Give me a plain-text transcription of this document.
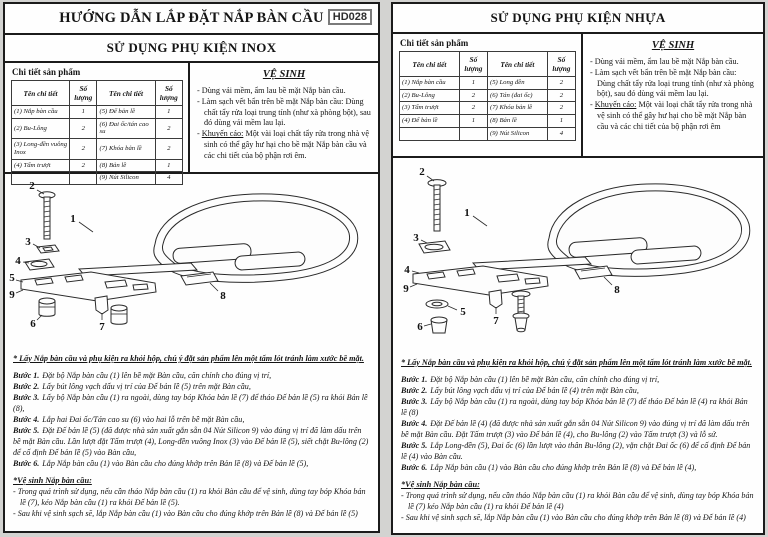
HƯỚNG DẪN LẮP ĐẶT NẮP BÀN CẦU HD028
SỬ DỤNG PHỤ KIỆN INOX
Chi tiết sản phẩm
Tên chi tiết	Số lượng	Tên chi tiết	Số lượng
(1) Nắp bàn cầu	1	(5) Đế bản lề	1
(2) Bu-Lông	2	(6) Đai ốc/tán cao su	2
(3) Long-đền vuông Inox	2	(7) Khóa bản lề	2
(4) Tấm trượt	2	(8) Bản lề	1
		(9) Nút Silicon	4
VỆ SINH
- Dùng vải mềm, ẩm lau bề mặt Nắp bàn cầu.
- Làm sạch vết bẩn trên bề mặt Nắp bàn cầu: Dùng chất tẩy rửa loại trung tính (như xà phòng bột), sau đó dùng vải mềm lau lại.
- Khuyến cáo: Một vài loại chất tẩy rửa trong nhà vệ sinh có thể gây hư hại cho bề mặt Nắp bàn cầu và các chi tiết của bộ phận rơi êm.
1
2
3
4
5
6	7
8
9
* Lấy Nắp bàn cầu và phụ kiện ra khỏi hộp, chú ý đặt sản phẩm lên một tấm lót tránh làm xước bề mặt.
Bước 1. Đặt bộ Nắp bàn cầu (1) lên bề mặt Bàn cầu, căn chỉnh cho đúng vị trí,
Bước 2. Lấy bút lông vạch dấu vị trí của Đế bản lề (5) trên mặt Bàn cầu,
Bước 3. Lấy bộ Nắp bàn cầu (1) ra ngoài, dùng tay bóp Khóa bản lề (7) để tháo Đế bản lề (5) ra khỏi Bản lề (8),
Bước 4. Lắp hai Đai ốc/Tán cao su (6) vào hai lỗ trên bề mặt Bàn cầu,
Bước 5. Đặt Đế bản lề (5) (đã được nhà sản xuất gắn sẵn 04 Nút Silicon 9) vào đúng vị trí đã làm dấu trên bề mặt Bàn cầu. Lần lượt đặt Tấm trượt (4), Long-đền vuông Inox (3) vào Đế bản lề (5), siết chặt Bu-lông (2) để cố định Đế bản lề (5) vào Bàn cầu,
Bước 6. Lắp Nắp bàn cầu (1) vào Bàn cầu cho đúng khớp trên Bản lề (8) và Đế bản lề (5),
*Vệ sinh Nắp bàn cầu:
- Trong quá trình sử dụng, nếu cần tháo Nắp bàn cầu (1) ra khỏi Bàn cầu để vệ sinh, dùng tay bóp Khóa bản lề (7), kéo Nắp bàn cầu (1) ra khỏi Đế bản lề (5).
- Sau khi vệ sinh sạch sẽ, lắp Nắp bàn cầu (1) vào Bàn cầu cho đúng khớp trên Bản lề (8) và Đế bản lề (5)
SỬ DỤNG PHỤ KIỆN NHỰA
Chi tiết sản phẩm
Tên chi tiết	Số lượng	Tên chi tiết	Số lượng
(1) Nắp bàn cầu	1	(5) Long đền	2
(2) Bu-Lông	2	(6) Tán (đai ốc)	2
(3) Tấm trượt	2	(7) Khóa bản lề	2
(4) Đế bản lề	1	(8) Bản lề	1
		(9) Nút Silicon	4
VỆ SINH
- Dùng vải mềm, ẩm lau bề mặt Nắp bàn cầu.
- Làm sạch vết bẩn trên bề mặt Nắp bàn cầu: Dùng chất tẩy rửa loại trung tính (như xà phòng bột), sau đó dùng vải mềm lau lại.
- Khuyến cáo: Một vài loại chất tẩy rửa trong nhà vệ sinh có thể gây hư hại cho bề mặt Nắp bàn cầu và các chi tiết của bộ phận rơi êm
1
2
3
4
5
6	7
8
9
* Lấy Nắp bàn cầu và phụ kiện ra khỏi hộp, chú ý đặt sản phẩm lên một tấm lót tránh làm xước bề mặt.
Bước 1. Đặt bộ Nắp bàn cầu (1) lên bề mặt Bàn cầu, căn chỉnh cho đúng vị trí,
Bước 2. Lấy bút lông vạch dấu vị trí của Đế bản lề (4) trên mặt Bàn cầu,
Bước 3. Lấy bộ Nắp bàn cầu (1) ra ngoài, dùng tay bóp Khóa bản lề (7) để tháo Đế bản lề (4) ra khỏi Bản lề (8)
Bước 4. Đặt Đế bản lề (4) (đã được nhà sản xuất gắn sẵn 04 Nút Silicon 9) vào đúng vị trí đã làm dấu trên bề mặt Bàn cầu. Đặt Tấm trượt (3) vào Đế bản lề (4), cho Bu-lông (2) vào Tấm trượt (3) và lỗ sứ.
Bước 5. Lắp Long-đền (5), Đai ốc (6) lần lượt vào thân Bu-lông (2), vặn chặt Đai ốc (6) để cố định Đế bản lề (4) vào Bàn cầu.
Bước 6. Lắp Nắp bàn cầu (1) vào Bàn cầu cho đúng khớp trên Bản lề (8) và Đế bản lề (4),
*Vệ sinh Nắp bàn cầu:
- Trong quá trình sử dụng, nếu cần tháo Nắp bàn cầu (1) ra khỏi Bàn cầu để vệ sinh, dùng tay bóp Khóa bản lề (7) kéo Nắp bàn cầu (1) ra khỏi Đế bản lề (4)
- Sau khi vệ sinh sạch sẽ, lắp Nắp bàn cầu (1) vào Bàn cầu cho đúng khớp trên Bản lề (8) và Đế bản lề (4)
